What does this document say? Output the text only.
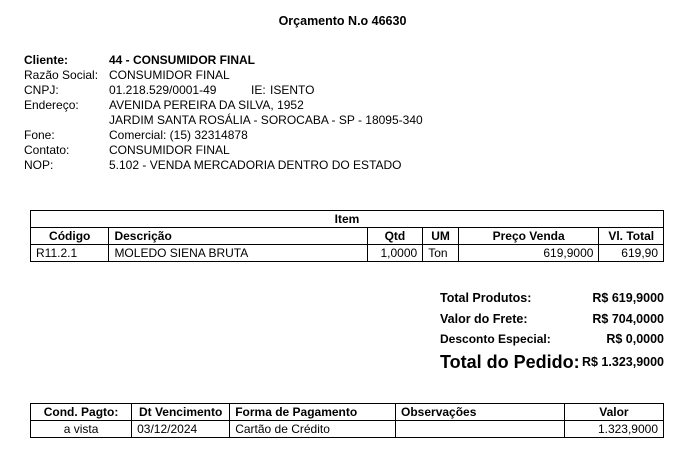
Orçamento N.o 46630
Cliente:	44 - CONSUMIDOR FINAL
Razão Social: CONSUMIDOR FINAL
CNPJ:	01.218.529/0001-49	IE: ISENTO
Endereço:	AVENIDA PEREIRA DA SILVA, 1952
JARDIM SANTA ROSÁLIA - SOROCABA - SP - 18095-340
Fone:	Comercial: (15) 32314878
Contato:	CONSUMIDOR FINAL
NOP:	5.102 - VENDA MERCADORIA DENTRO DO ESTADO
Item					
Código	Descrição	Qtd	UM	Preço Venda	Vl. Total
R11.2.1	MOLEDO SIENA BRUTA	1,0000	Ton	619,9000	619,90
Total Produtos:	R$ 619,9000
Valor do Frete:	R$ 704,0000
Desconto Especial:	R$ 0,0000
Total do Pedido: R$ 1.323,9000
Cond. Pagto:	Dt Vencimento	Forma de Pagamento	Observações	Valor
a vista	03/12/2024	Cartão de Crédito		1.323,9000
